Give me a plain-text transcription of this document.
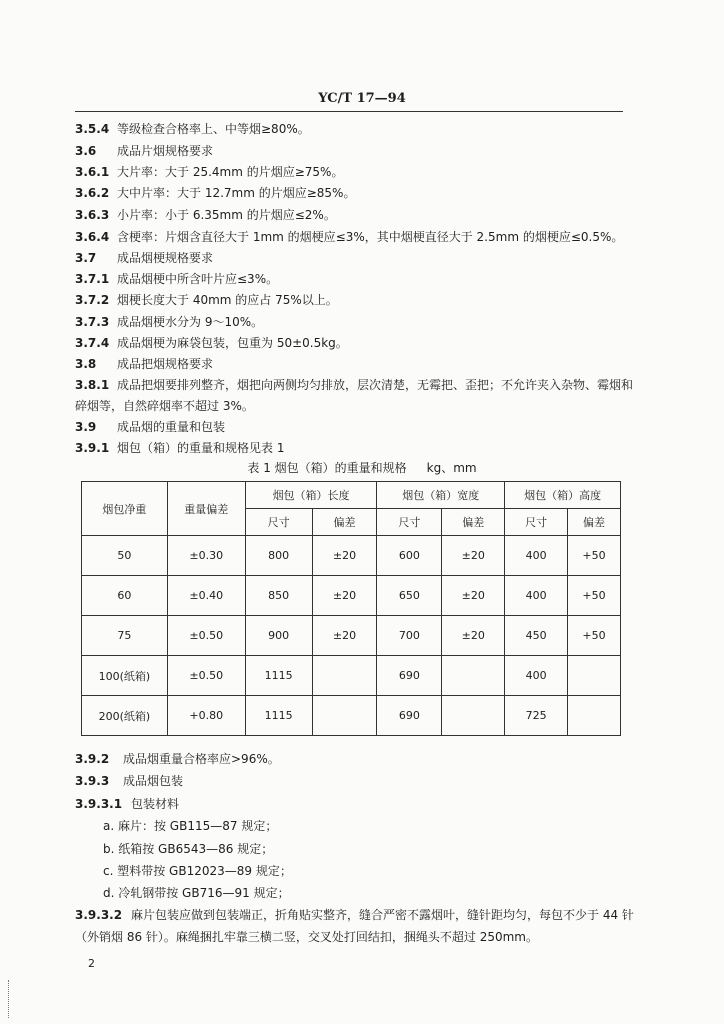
YC/T 17—94
3.5.4 等级检查合格率上、中等烟≥80%。
3.6 成品片烟规格要求
3.6.1 大片率：大于 25.4mm 的片烟应≥75%。
3.6.2 大中片率：大于 12.7mm 的片烟应≥85%。
3.6.3 小片率：小于 6.35mm 的片烟应≤2%。
3.6.4 含梗率：片烟含直径大于 1mm 的烟梗应≤3%，其中烟梗直径大于 2.5mm 的烟梗应≤0.5%。
3.7 成品烟梗规格要求
3.7.1 成品烟梗中所含叶片应≤3%。
3.7.2 烟梗长度大于 40mm 的应占 75%以上。
3.7.3 成品烟梗水分为 9～10%。
3.7.4 成品烟梗为麻袋包装，包重为 50±0.5kg。
3.8 成品把烟规格要求
3.8.1 成品把烟要排列整齐，烟把向两侧均匀排放，层次清楚，无霉把、歪把；不允许夹入杂物、霉烟和
碎烟等，自然碎烟率不超过 3%。
3.9 成品烟的重量和包装
3.9.1 烟包（箱）的重量和规格见表 1
表 1 烟包（箱）的重量和规格 kg、mm
烟包净重	重量偏差	烟包（箱）长度		烟包（箱）宽度		烟包（箱）高度	
		尺寸	偏差	尺寸	偏差	尺寸	偏差
50	±0.30	800	±20	600	±20	400	+50
60	±0.40	850	±20	650	±20	400	+50
75	±0.50	900	±20	700	±20	450	+50
100(纸箱)	±0.50	1115		690		400	
200(纸箱)	+0.80	1115		690		725	
3.9.2 成品烟重量合格率应>96%。
3.9.3 成品烟包装
3.9.3.1 包装材料
a. 麻片：按 GB115—87 规定；
b. 纸箱按 GB6543—86 规定；
c. 塑料带按 GB12023—89 规定；
d. 冷轧钢带按 GB716—91 规定；
3.9.3.2 麻片包装应做到包装端正，折角贴实整齐，缝合严密不露烟叶，缝针距均匀，每包不少于 44 针
（外销烟 86 针）。麻绳捆扎牢靠三横二竖，交叉处打回结扣，捆绳头不超过 250mm。
2
